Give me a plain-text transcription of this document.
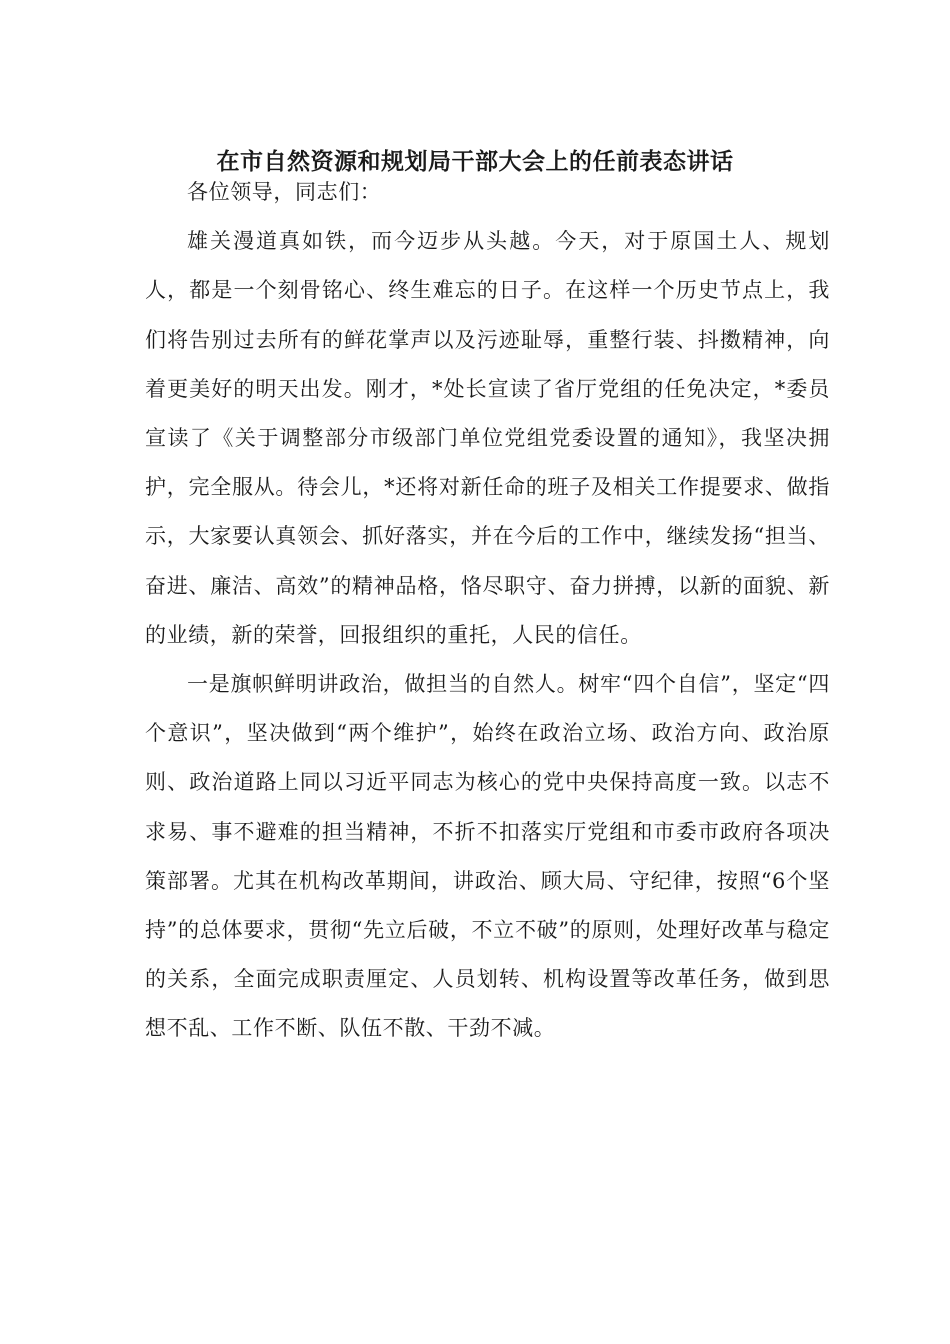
在市自然资源和规划局干部大会上的任前表态讲话

各位领导，同志们：

雄关漫道真如铁，而今迈步从头越。今天，对于原国土人、规划人，都是一个刻骨铭心、终生难忘的日子。在这样一个历史节点上，我们将告别过去所有的鲜花掌声以及污迹耻辱，重整行装、抖擞精神，向着更美好的明天出发。刚才，*处长宣读了省厅党组的任免决定，*委员宣读了《关于调整部分市级部门单位党组党委设置的通知》，我坚决拥护，完全服从。待会儿，*还将对新任命的班子及相关工作提要求、做指示，大家要认真领会、抓好落实，并在今后的工作中，继续发扬“担当、奋进、廉洁、高效”的精神品格，恪尽职守、奋力拼搏，以新的面貌、新的业绩，新的荣誉，回报组织的重托，人民的信任。

一是旗帜鲜明讲政治，做担当的自然人。树牢“四个自信”，坚定“四个意识”，坚决做到“两个维护”，始终在政治立场、政治方向、政治原则、政治道路上同以习近平同志为核心的党中央保持高度一致。以志不求易、事不避难的担当精神，不折不扣落实厅党组和市委市政府各项决策部署。尤其在机构改革期间，讲政治、顾大局、守纪律，按照“6个坚持”的总体要求，贯彻“先立后破，不立不破”的原则，处理好改革与稳定的关系，全面完成职责厘定、人员划转、机构设置等改革任务，做到思想不乱、工作不断、队伍不散、干劲不减。
